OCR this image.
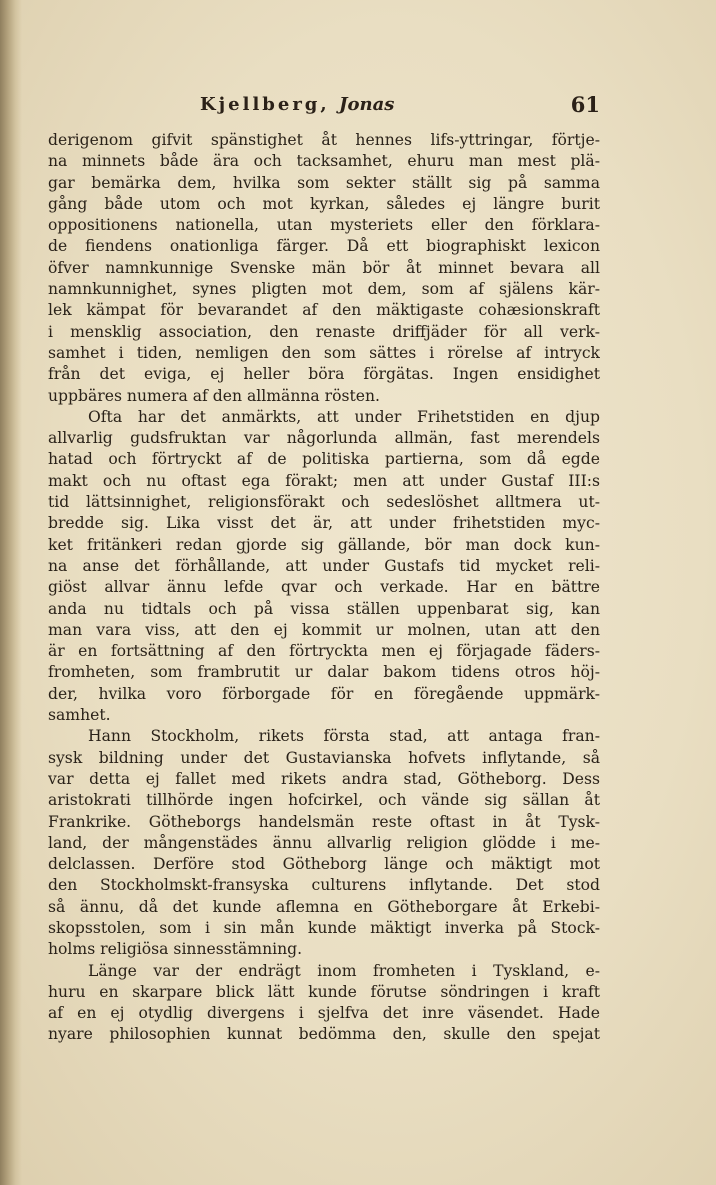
Kjellberg, Jonas	61
derigenom gifvit spänstighet åt hennes lifs-yttringar, förtje-
na minnets både ära och tacksamhet, ehuru man mest plä-
gar bemärka dem, hvilka som sekter ställt sig på samma
gång både utom och mot kyrkan, således ej längre burit
oppositionens nationella, utan mysteriets eller den förklara-
de fiendens onationliga färger. Då ett biographiskt lexicon
öfver namnkunnige Svenske män bör åt minnet bevara all
namnkunnighet, synes pligten mot dem, som af själens kär-
lek kämpat för bevarandet af den mäktigaste cohæsionskraft
i mensklig association, den renaste driffjäder för all verk-
samhet i tiden, nemligen den som sättes i rörelse af intryck
från det eviga, ej heller böra förgätas. Ingen ensidighet
uppbäres numera af den allmänna rösten.
Ofta har det anmärkts, att under Frihetstiden en djup
allvarlig gudsfruktan var någorlunda allmän, fast merendels
hatad och förtryckt af de politiska partierna, som då egde
makt och nu oftast ega förakt; men att under Gustaf III:s
tid lättsinnighet, religionsförakt och sedeslöshet alltmera ut-
bredde sig. Lika visst det är, att under frihetstiden myc-
ket fritänkeri redan gjorde sig gällande, bör man dock kun-
na anse det förhållande, att under Gustafs tid mycket reli-
giöst allvar ännu lefde qvar och verkade. Har en bättre
anda nu tidtals och på vissa ställen uppenbarat sig, kan
man vara viss, att den ej kommit ur molnen, utan att den
är en fortsättning af den förtryckta men ej förjagade fäders-
fromheten, som frambrutit ur dalar bakom tidens otros höj-
der, hvilka voro förborgade för en föregående uppmärk-
samhet.
Hann Stockholm, rikets första stad, att antaga fran-
sysk bildning under det Gustavianska hofvets inflytande, så
var detta ej fallet med rikets andra stad, Götheborg. Dess
aristokrati tillhörde ingen hofcirkel, och vände sig sällan åt
Frankrike. Götheborgs handelsmän reste oftast in åt Tysk-
land, der mångenstädes ännu allvarlig religion glödde i me-
delclassen. Derföre stod Götheborg länge och mäktigt mot
den Stockholmskt-fransyska culturens inflytande. Det stod
så ännu, då det kunde aflemna en Götheborgare åt Erkebi-
skopsstolen, som i sin mån kunde mäktigt inverka på Stock-
holms religiösa sinnesstämning.
Länge var der endrägt inom fromheten i Tyskland, e-
huru en skarpare blick lätt kunde förutse söndringen i kraft
af en ej otydlig divergens i sjelfva det inre väsendet. Hade
nyare philosophien kunnat bedömma den, skulle den spejat
